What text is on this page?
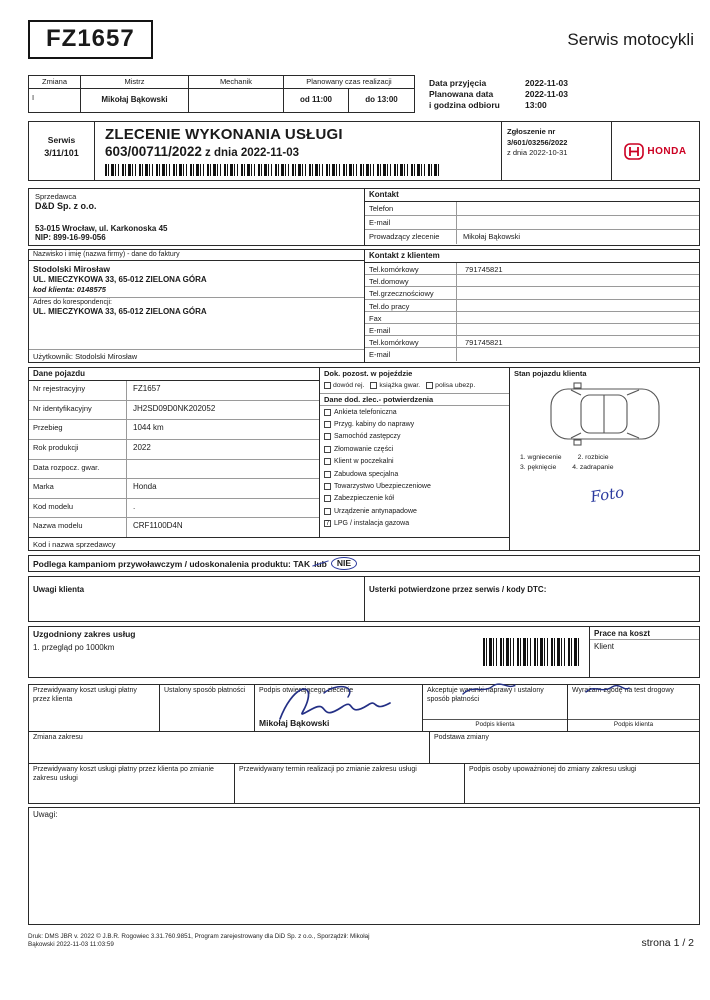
FZ1657	Serwis motocykli
Zmiana	Mistrz	Mechanik	Planowany czas realizacji
I	Mikołaj Bąkowski	od 11:00	do 13:00
Data przyjęcia	2022-11-03
Planowana data	2022-11-03
i godzina odbioru	13:00
Serwis
3/11/101
ZLECENIE WYKONANIA USŁUGI
603/00711/2022 z dnia 2022-11-03
Zgłoszenie nr
3/601/03256/2022
z dnia 2022-10-31	HONDA
Sprzedawca
D&D Sp. z o.o.
53-015 Wrocław, ul. Karkonoska 45
NIP: 899-16-99-056
Kontakt
Telefon
E-mail
Prowadzący zlecenie	Mikołaj Bąkowski
Nazwisko i imię (nazwa firmy) - dane do faktury
Stodolski Mirosław
UL. MIECZYKOWA 33, 65-012 ZIELONA GÓRA
kod klienta: 0148575
Adres do korespondencji:
UL. MIECZYKOWA 33, 65-012 ZIELONA GÓRA
Użytkownik: Stodolski Mirosław
Kontakt z klientem
Tel.komórkowy	791745821
Tel.domowy
Tel.grzecznościowy
Tel.do pracy
Fax
E-mail
Tel.komórkowy	791745821
E-mail
Dane pojazdu
Nr rejestracyjny	FZ1657
Nr identyfikacyjny	JH2SD09D0NK202052
Przebieg	1044 km
Rok produkcji	2022
Data rozpocz. gwar.
Marka	Honda
Kod modelu	.
Nazwa modelu	CRF1100D4N
Dok. pozost. w pojeździe
dowód rej. książka gwar. polisa ubezp.
Dane dod. zlec.- potwierdzenia
Ankieta telefoniczna
Przyg. kabiny do naprawy
Samochód zastępczy
Złomowanie części
Klient w poczekalni
Zabudowa specjalna
Towarzystwo Ubezpieczeniowe
Zabezpieczenie kół
Urządzenie antynapadowe
7 LPG / instalacja gazowa
Kod i nazwa sprzedawcy
Stan pojazdu klienta
1. wgniecenie 2. rozbicie
3. pęknięcie 4. zadrapanie
Foto
Podlega kampaniom przywoławczym / udoskonalenia produktu: TAK lub	NIE
Uwagi klienta	Usterki potwierdzone przez serwis / kody DTC:
Uzgodniony zakres usług
1. przegląd po 1000km
Prace na koszt
Klient
Przewidywany koszt usługi płatny przez klienta
Ustalony sposób płatności	Podpis otwierającego zlecenie
Mikołaj Bąkowski
Akceptuje warunki naprawy i ustalony sposób płatności
Podpis klienta
Wyrażam zgodę na test drogowy
Podpis klienta
Zmiana zakresu	Podstawa zmiany
Przewidywany koszt usługi płatny przez klienta po zmianie zakresu usługi
Przewidywany termin realizacji po zmianie zakresu usługi	Podpis osoby upoważnionej do zmiany zakresu usługi
Uwagi:
Druk: DMS JBR v. 2022 © J.B.R. Rogowiec 3.31.760.9851, Program zarejestrowany dla DiD Sp. z o.o., Sporządził: Mikołaj
Bąkowski 2022-11-03 11:03:59	strona 1 / 2
